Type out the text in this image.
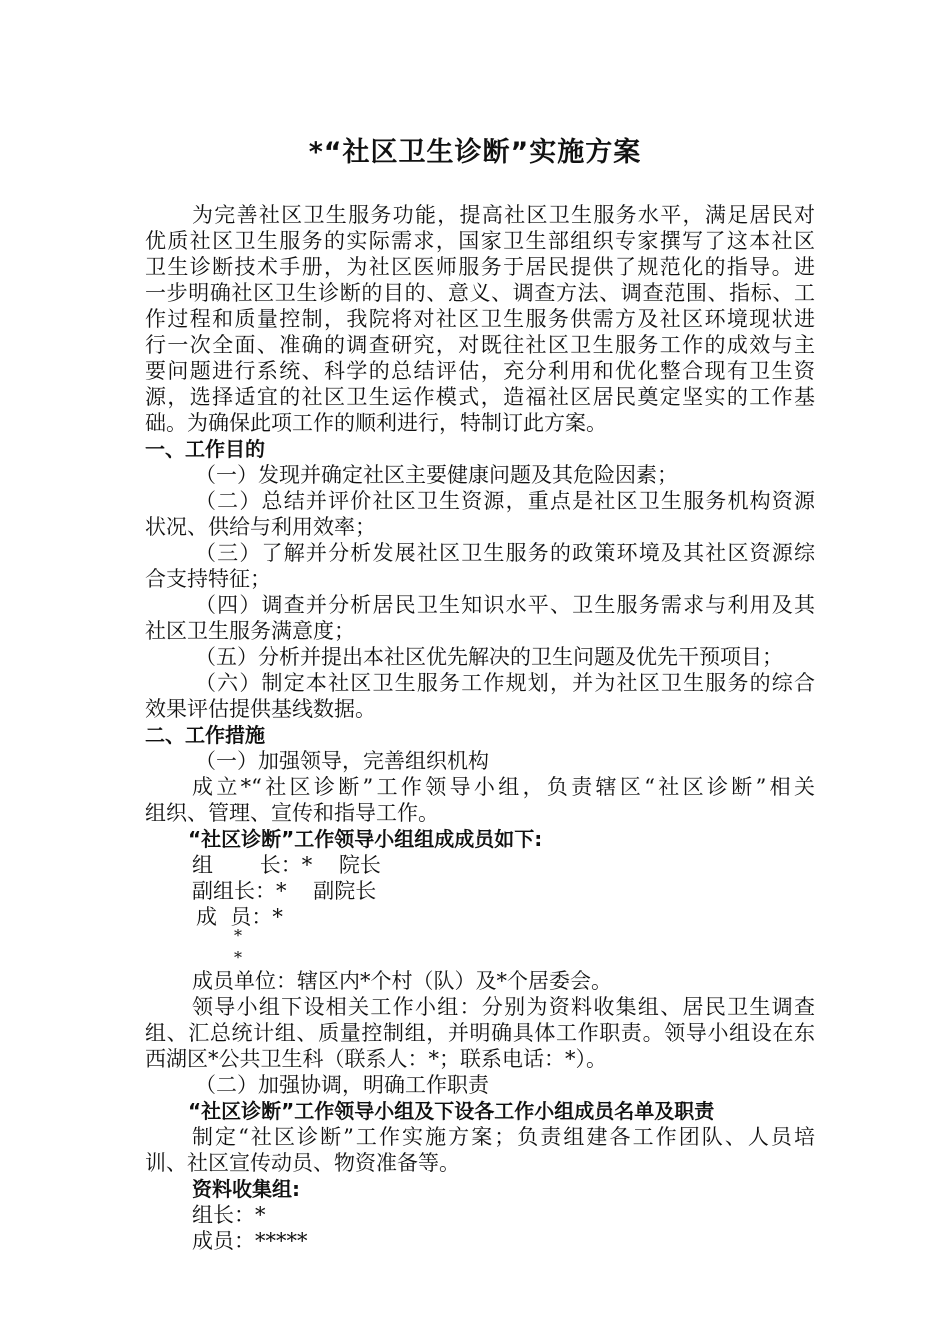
*“社区卫生诊断”实施方案
为完善社区卫生服务功能，提高社区卫生服务水平，满足居民对
优质社区卫生服务的实际需求，国家卫生部组织专家撰写了这本社区
卫生诊断技术手册，为社区医师服务于居民提供了规范化的指导。进
一步明确社区卫生诊断的目的、意义、调查方法、调查范围、指标、工
作过程和质量控制，我院将对社区卫生服务供需方及社区环境现状进
行一次全面、准确的调查研究，对既往社区卫生服务工作的成效与主
要问题进行系统、科学的总结评估，充分利用和优化整合现有卫生资
源，选择适宜的社区卫生运作模式，造福社区居民奠定坚实的工作基
础。为确保此项工作的顺利进行，特制订此方案。
一、工作目的
（一）发现并确定社区主要健康问题及其危险因素；
（二）总结并评价社区卫生资源，重点是社区卫生服务机构资源
状况、供给与利用效率；
（三）了解并分析发展社区卫生服务的政策环境及其社区资源综
合支持特征；
（四）调查并分析居民卫生知识水平、卫生服务需求与利用及其
社区卫生服务满意度；
（五）分析并提出本社区优先解决的卫生问题及优先干预项目；
（六）制定本社区卫生服务工作规划，并为社区卫生服务的综合
效果评估提供基线数据。
二、工作措施
（一）加强领导，完善组织机构
成立*“社区诊断”工作领导小组，负责辖区“社区诊断”相关
组织、管理、宣传和指导工作。
“社区诊断”工作领导小组组成成员如下:
组       长：*    院长
副组长：*    副院长
成  员：*
*
*
成员单位：辖区内*个村（队）及*个居委会。
领导小组下设相关工作小组：分别为资料收集组、居民卫生调查
组、汇总统计组、质量控制组，并明确具体工作职责。领导小组设在东
西湖区*公共卫生科（联系人：*；联系电话：*）。
（二）加强协调，明确工作职责
“社区诊断”工作领导小组及下设各工作小组成员名单及职责
制定“社区诊断”工作实施方案；负责组建各工作团队、人员培
训、社区宣传动员、物资准备等。
资料收集组:
组长：*
成员：*****
